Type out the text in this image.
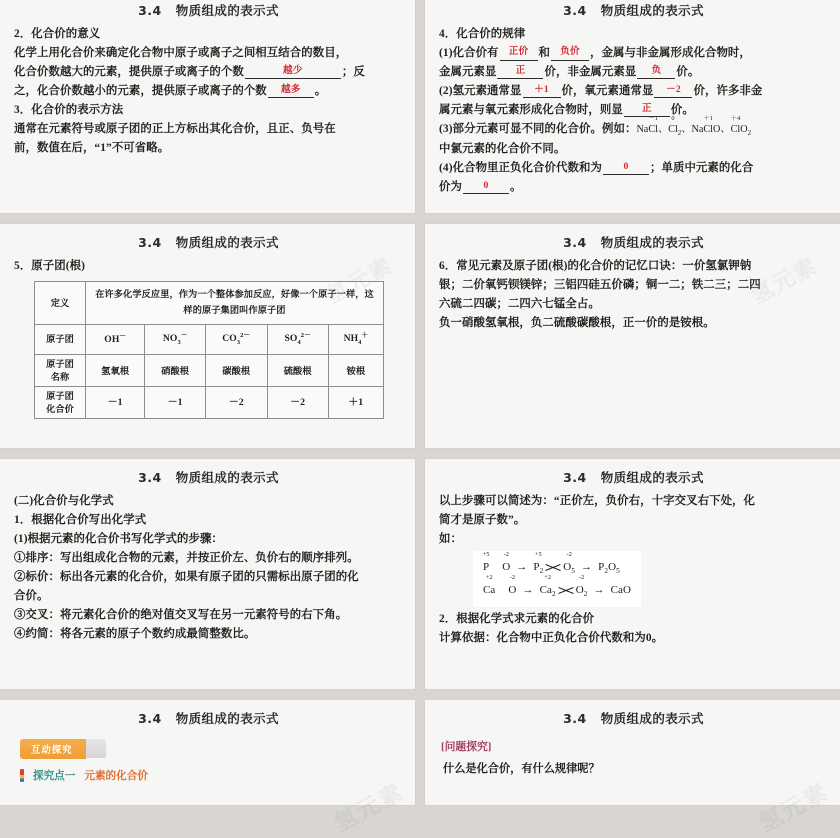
3.4 物质组成的表示式

2．化合价的意义

化学上用化合价来确定化合物中原子或离子之间相互结合的数目，

化合价数越大的元素，提供原子或离子的个数	越少	；反

之，化合价数越小的元素，提供原子或离子的个数 越多 。

3．化合价的表示方法

通常在元素符号或原子团的正上方标出其化合价，且正、负号在

前，数值在后，“1”不可省略。

3.4 物质组成的表示式

4．化合价的规律

(1)化合价有 正价 和 负价 ，金属与非金属形成化合物时，

金属元素显 正 价，非金属元素显 负 价。

(2)氢元素通常显 ＋1 价，氧元素通常显 －2 价，许多非金

属元素与氧元素形成化合物时，则显 正 价。

(3)部分元素可显不同的化合价。例如：Na
－1
Cl、
0
$Cl_2$、Na
＋1
ClO、
＋4
ClO$_2$

中氯元素的化合价不同。

(4)化合物里正负化合价代数和为 0 ；单质中元素的化合

价为 0 。

3.4 物质组成的表示式

5．原子团(根)

定义	在许多化学反应里，作为一个整体参加反应，好像一个原子一样，这样的原子集团叫作原子团				
原子团	OH－	$NO_3^-$	$CO_3^{2-}$	$SO_4^{2-}$	$NH_4^+$
原子团
名称	氢氧根	硝酸根	碳酸根	硫酸根	铵根
原子团
化合价	－1	－1	－2	－2	＋1
3.4 物质组成的表示式

6．常见元素及原子团(根)的化合价的记忆口诀：一价氢氯钾钠

银；二价氧钙钡镁锌；三铝四硅五价磷；铜一二；铁二三；二四

六硫二四碳；二四六七锰全占。

负一硝酸氢氧根，负二硫酸碳酸根，正一价的是铵根。

氢元素
3.4 物质组成的表示式

(二)化合价与化学式

1．根据化合价写出化学式

(1)根据元素的化合价书写化学式的步骤：

①排序：写出组成化合物的元素，并按正价左、负价右的顺序排列。

②标价：标出各元素的化合价，如果有原子团的只需标出原子团的化

合价。

③交叉：将元素化合价的绝对值交叉写在另一元素符号的右下角。

④约简：将各元素的原子个数约成最简整数比。

3.4 物质组成的表示式

以上步骤可以简述为：“正价左，负价右，十字交叉右下处，化

简才是原子数”。

如：

+5
P
-2
O →
+5
$P_2$
-2
$O_5 \to P_2O_5$
+2
Ca
-2
O →
+2
$Ca_2$
-2
$O_2$ → CaO

2．根据化学式求元素的化合价

计算依据：化合物中正负化合价代数和为0。

3.4 物质组成的表示式
互动探究
探究点一 元素的化合价
氢元素
3.4 物质组成的表示式
[问题探究]
什么是化合价，有什么规律呢？
氢元素
